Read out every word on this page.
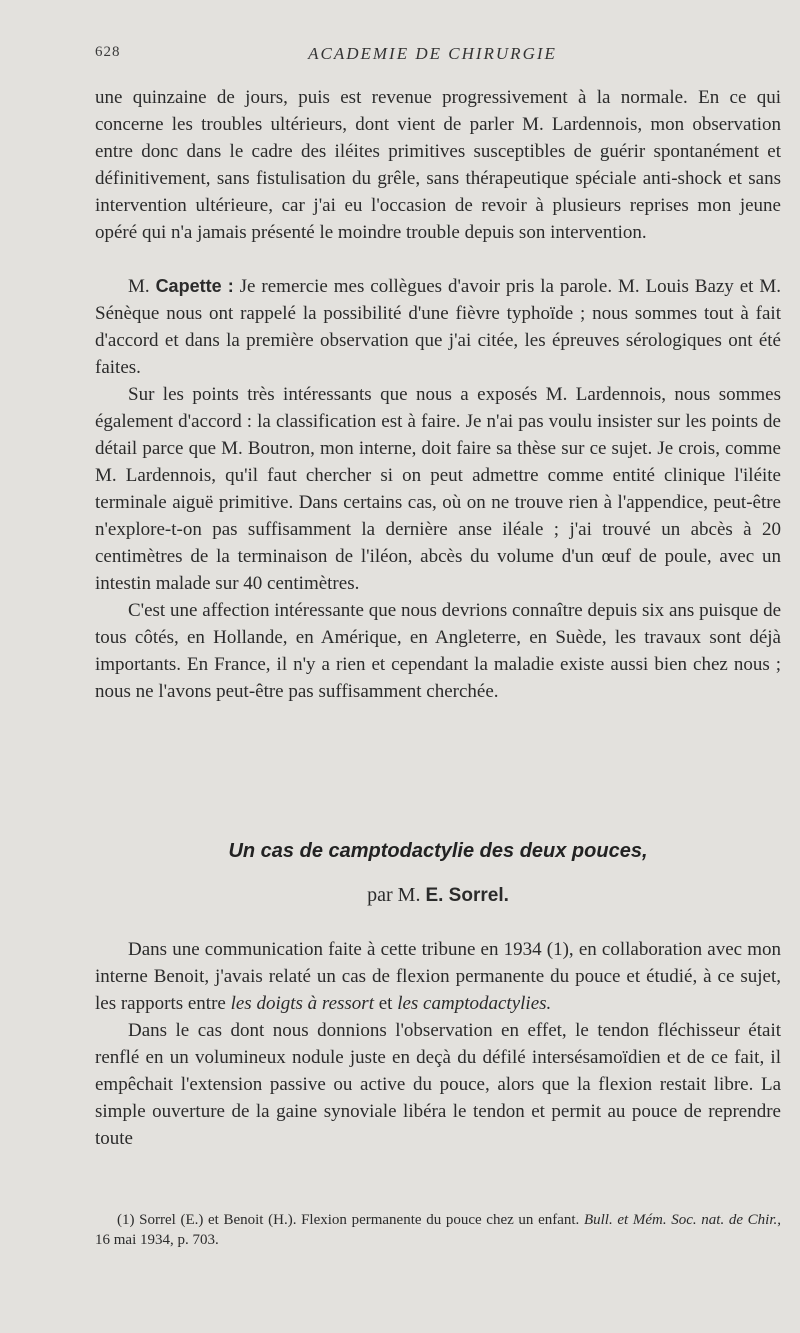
628	ACADEMIE DE CHIRURGIE

une quinzaine de jours, puis est revenue progressivement à la normale. En ce qui concerne les troubles ultérieurs, dont vient de parler M. Lardennois, mon observation entre donc dans le cadre des iléites primitives susceptibles de guérir spontanément et définitivement, sans fistulisation du grêle, sans thérapeutique spéciale anti-shock et sans intervention ultérieure, car j'ai eu l'occasion de revoir à plusieurs reprises mon jeune opéré qui n'a jamais présenté le moindre trouble depuis son intervention.

M. Capette : Je remercie mes collègues d'avoir pris la parole. M. Louis Bazy et M. Sénèque nous ont rappelé la possibilité d'une fièvre typhoïde ; nous sommes tout à fait d'accord et dans la première observation que j'ai citée, les épreuves sérologiques ont été faites.

Sur les points très intéressants que nous a exposés M. Lardennois, nous sommes également d'accord : la classification est à faire. Je n'ai pas voulu insister sur les points de détail parce que M. Boutron, mon interne, doit faire sa thèse sur ce sujet. Je crois, comme M. Lardennois, qu'il faut chercher si on peut admettre comme entité clinique l'iléite terminale aiguë primitive. Dans certains cas, où on ne trouve rien à l'appendice, peut-être n'explore-t-on pas suffisamment la dernière anse iléale ; j'ai trouvé un abcès à 20 centimètres de la terminaison de l'iléon, abcès du volume d'un œuf de poule, avec un intestin malade sur 40 centimètres.

C'est une affection intéressante que nous devrions connaître depuis six ans puisque de tous côtés, en Hollande, en Amérique, en Angleterre, en Suède, les travaux sont déjà importants. En France, il n'y a rien et cependant la maladie existe aussi bien chez nous ; nous ne l'avons peut-être pas suffisamment cherchée.

Un cas de camptodactylie des deux pouces,
par M. E. Sorrel.

Dans une communication faite à cette tribune en 1934 (1), en collaboration avec mon interne Benoit, j'avais relaté un cas de flexion permanente du pouce et étudié, à ce sujet, les rapports entre les doigts à ressort et les camptodactylies.

Dans le cas dont nous donnions l'observation en effet, le tendon fléchisseur était renflé en un volumineux nodule juste en deçà du défilé intersésamoïdien et de ce fait, il empêchait l'extension passive ou active du pouce, alors que la flexion restait libre. La simple ouverture de la gaine synoviale libéra le tendon et permit au pouce de reprendre toute

(1) Sorrel (E.) et Benoit (H.). Flexion permanente du pouce chez un enfant. Bull. et Mém. Soc. nat. de Chir., 16 mai 1934, p. 703.
